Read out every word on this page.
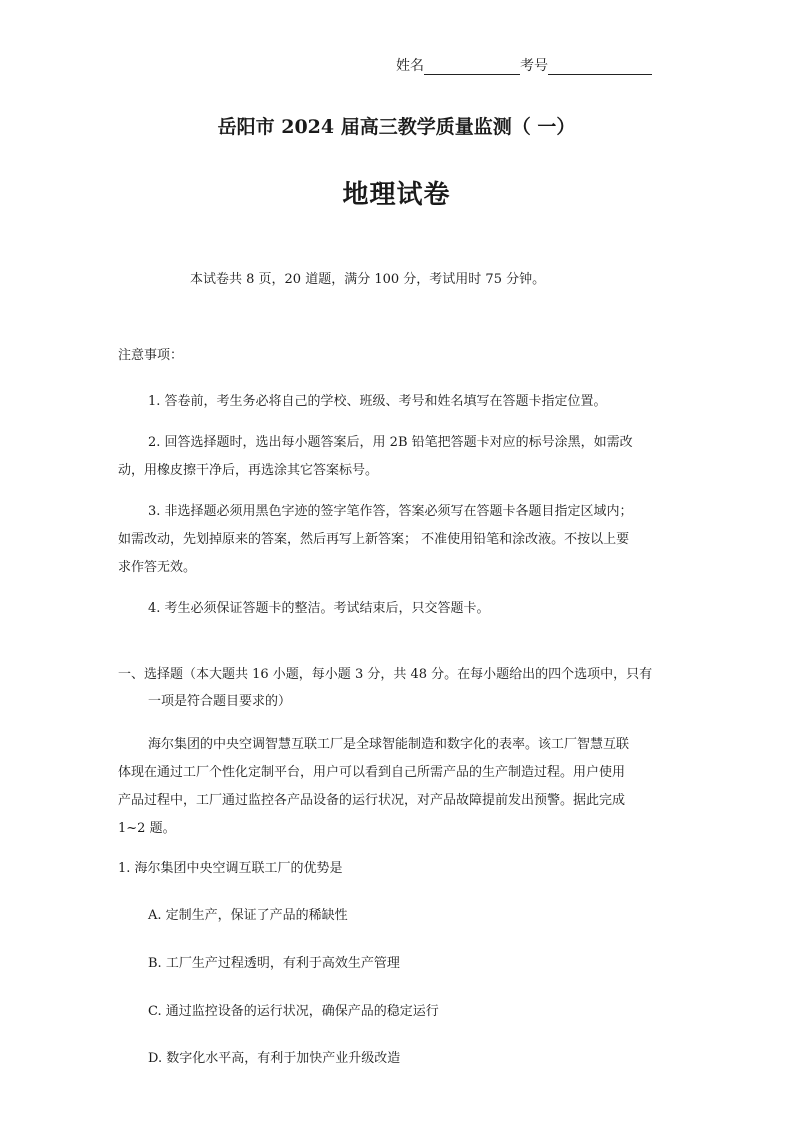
姓名	考号
岳阳市 2024 届高三教学质量监测（ 一）
地理试卷
本试卷共 8 页，20 道题，满分 100 分，考试用时 75 分钟。
注意事项：
1. 答卷前，考生务必将自己的学校、班级、考号和姓名填写在答题卡指定位置。
2. 回答选择题时，选出每小题答案后，用 2B 铅笔把答题卡对应的标号涂黑，如需改
动，用橡皮擦干净后，再选涂其它答案标号。
3. 非选择题必须用黑色字迹的签字笔作答，答案必须写在答题卡各题目指定区域内；
如需改动，先划掉原来的答案，然后再写上新答案； 不准使用铅笔和涂改液。不按以上要
求作答无效。
4. 考生必须保证答题卡的整洁。考试结束后，只交答题卡。
一、选择题（本大题共 16 小题，每小题 3 分，共 48 分。在每小题给出的四个选项中，只有
一项是符合题目要求的）
海尔集团的中央空调智慧互联工厂是全球智能制造和数字化的表率。该工厂智慧互联
体现在通过工厂个性化定制平台，用户可以看到自己所需产品的生产制造过程。用户使用
产品过程中，工厂通过监控各产品设备的运行状况，对产品故障提前发出预警。据此完成
1~2 题。
1. 海尔集团中央空调互联工厂的优势是
A. 定制生产，保证了产品的稀缺性
B. 工厂生产过程透明，有利于高效生产管理
C. 通过监控设备的运行状况，确保产品的稳定运行
D. 数字化水平高，有利于加快产业升级改造
